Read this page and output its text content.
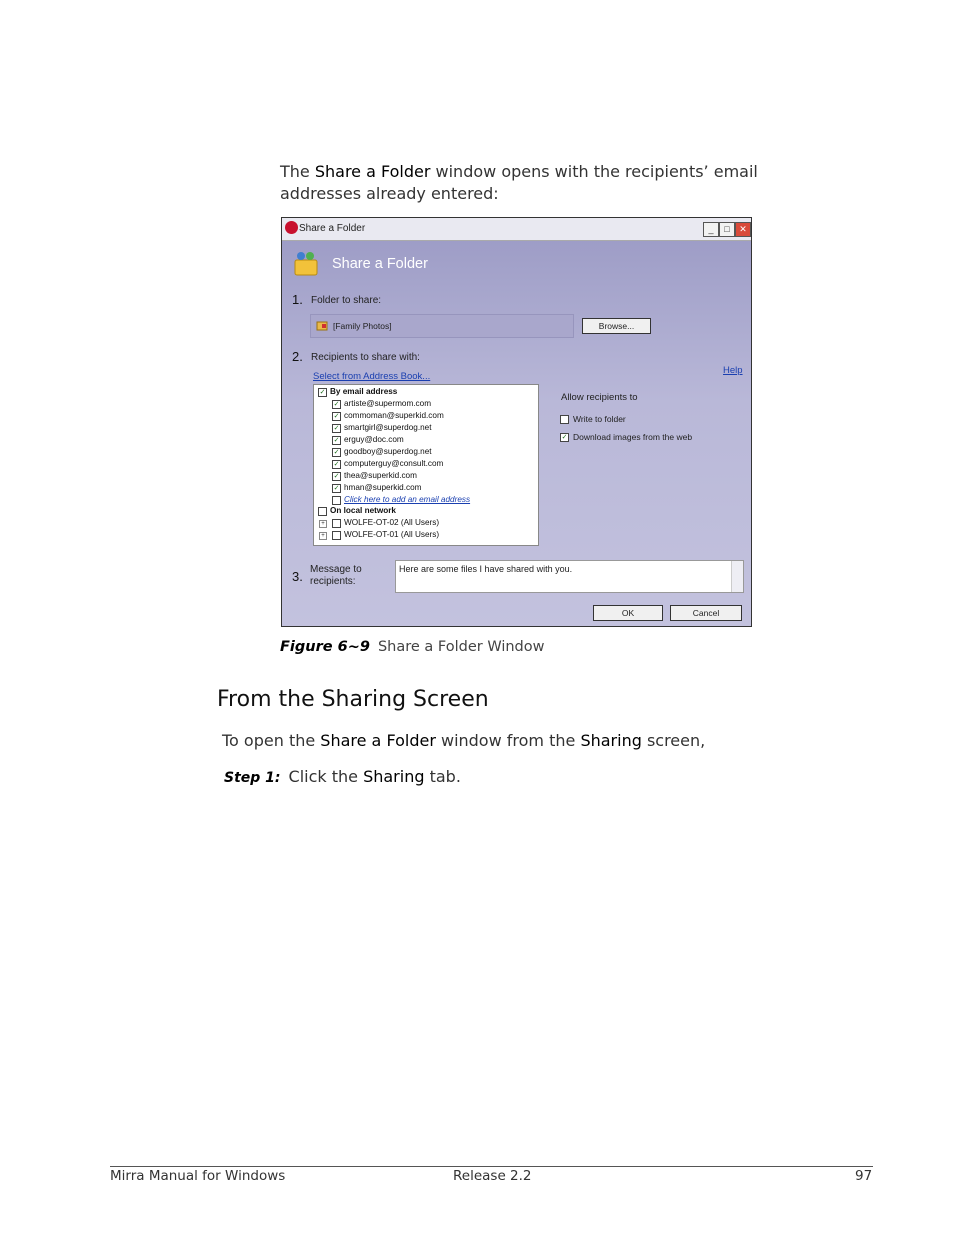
The Share a Folder window opens with the recipients’ email addresses already entered:
Share a Folder	_	□	✕
Share a Folder
1. Folder to share:
[Family Photos]	Browse...
2. Recipients to share with:
Select from Address Book...
Help
✓ By email address
✓ artiste@supermom.com
✓ commoman@superkid.com
✓ smartgirl@superdog.net
✓ erguy@doc.com
✓ goodboy@superdog.net
✓ computerguy@consult.com
✓ thea@superkid.com
✓ hman@superkid.com
Click here to add an email address
On local network
+ WOLFE-OT-02 (All Users)
+ WOLFE-OT-01 (All Users)
Allow recipients to
Write to folder
✓ Download images from the web
3. Message to
recipients:
Here are some files I have shared with you.
OK	Cancel
Figure 6~9 Share a Folder Window
From the Sharing Screen
To open the Share a Folder window from the Sharing screen,
Step 1: Click the Sharing tab.
Mirra Manual for Windows	Release 2.2	97
